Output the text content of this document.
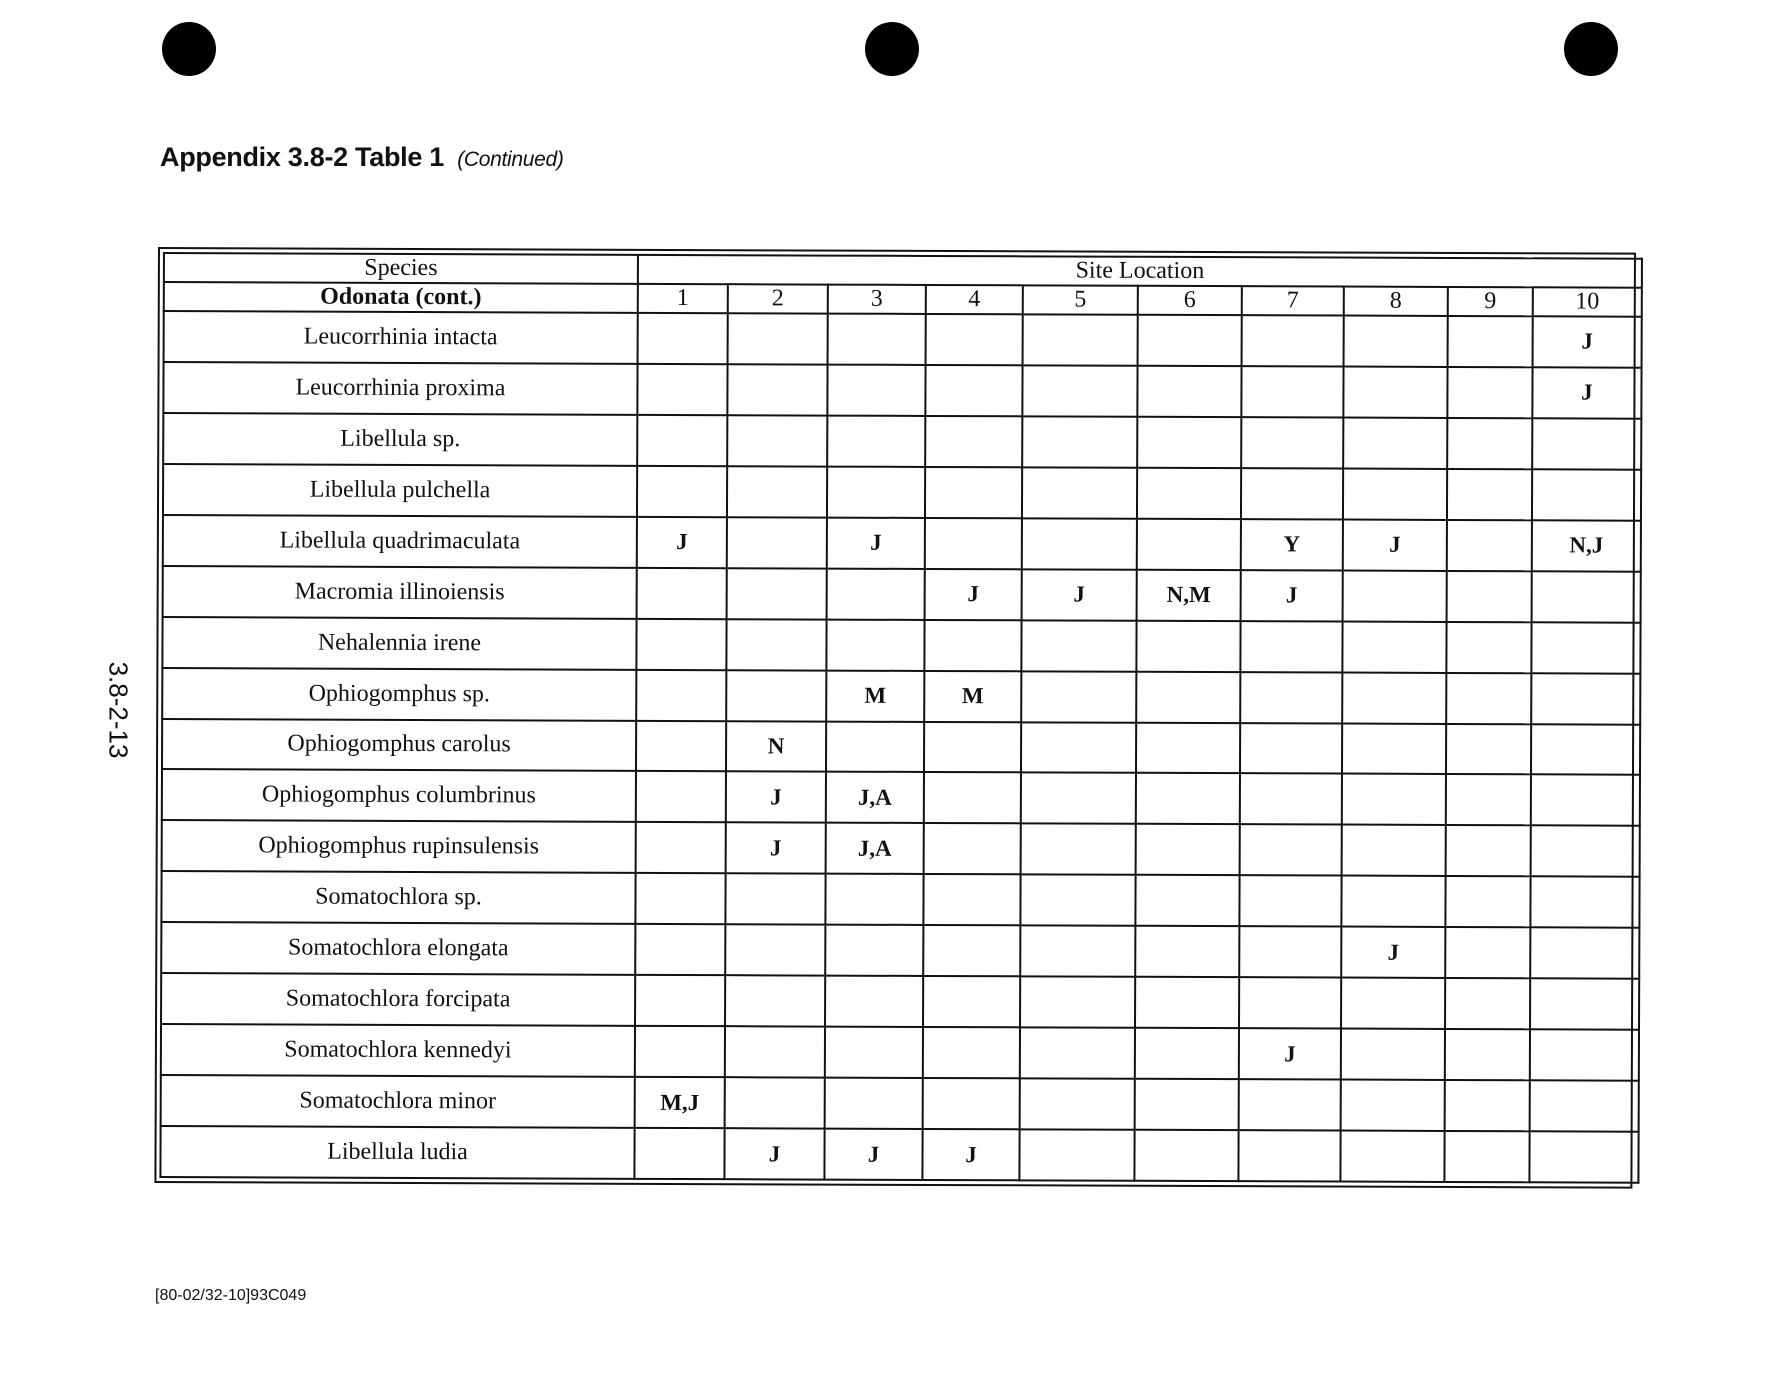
Appendix 3.8-2 Table 1 (Continued)
3.8-2-13
Species	Site Location									
Odonata (cont.)	1	2	3	4	5	6	7	8	9	10
Leucorrhinia intacta										J
Leucorrhinia proxima										J
Libellula sp.										
Libellula pulchella										
Libellula quadrimaculata	J		J				Y	J		N,J
Macromia illinoiensis				J	J	N,M	J			
Nehalennia irene										
Ophiogomphus sp.			M	M						
Ophiogomphus carolus		N								
Ophiogomphus columbrinus		J	J,A							
Ophiogomphus rupinsulensis		J	J,A							
Somatochlora sp.										
Somatochlora elongata								J		
Somatochlora forcipata										
Somatochlora kennedyi							J			
Somatochlora minor	M,J									
Libellula ludia		J	J	J						
[80-02/32-10]93C049
